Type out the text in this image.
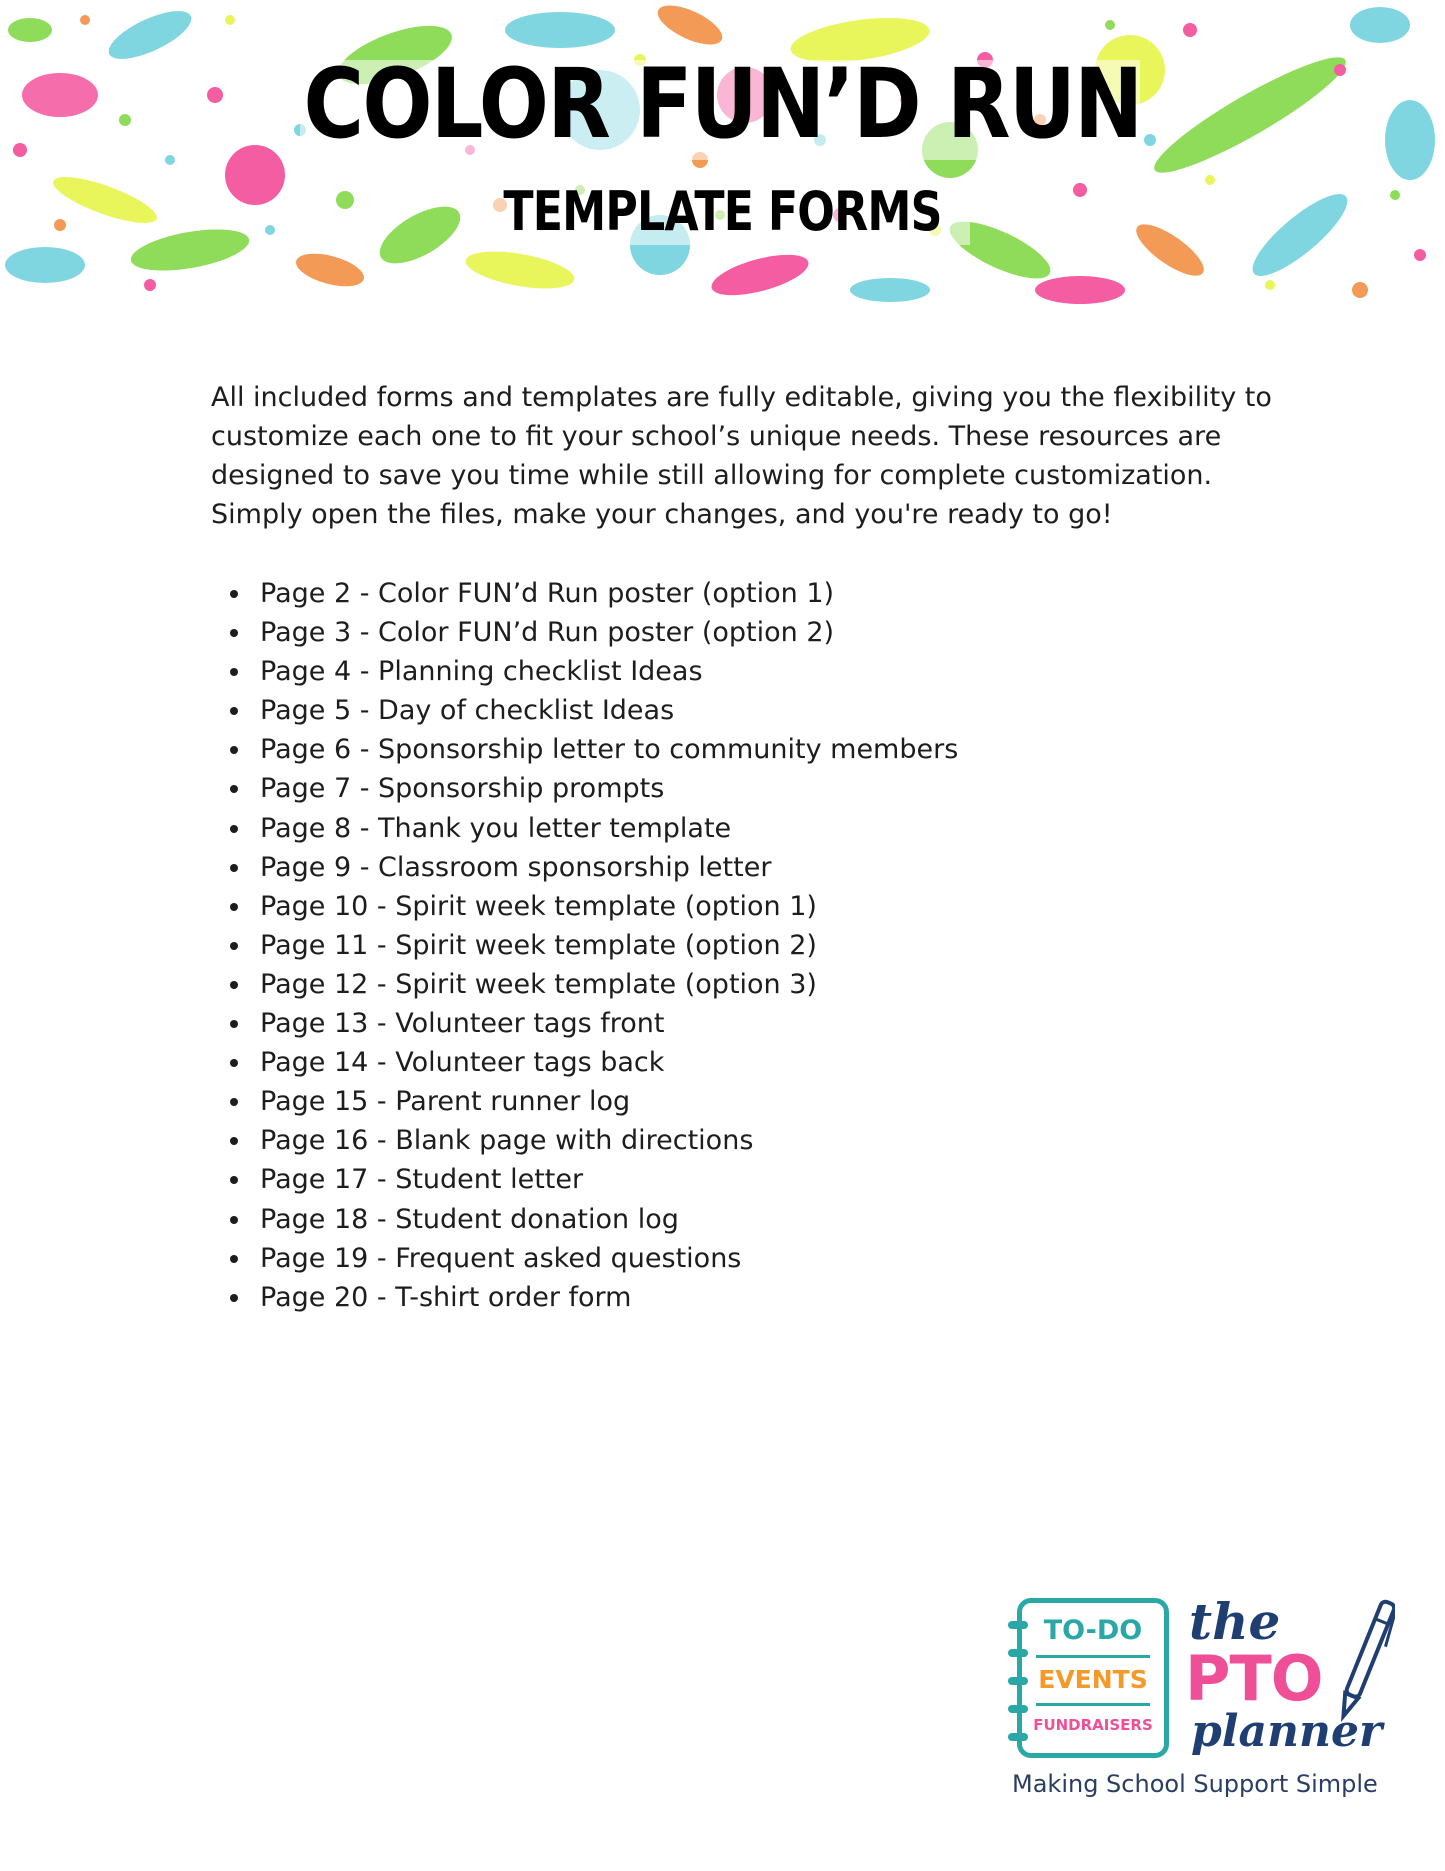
COLOR FUN’D RUN
TEMPLATE FORMS

All included forms and templates are fully editable, giving you the flexibility to customize each one to fit your school’s unique needs. These resources are designed to save you time while still allowing for complete customization. Simply open the files, make your changes, and you're ready to go!

Page 2 - Color FUN’d Run poster (option 1)
Page 3 - Color FUN’d Run poster (option 2)
Page 4 - Planning checklist Ideas
Page 5 - Day of checklist Ideas
Page 6 - Sponsorship letter to community members
Page 7 - Sponsorship prompts
Page 8 - Thank you letter template
Page 9 - Classroom sponsorship letter
Page 10 - Spirit week template (option 1)
Page 11 - Spirit week template (option 2)
Page 12 - Spirit week template (option 3)
Page 13 - Volunteer tags front
Page 14 - Volunteer tags back
Page 15 - Parent runner log
Page 16 - Blank page with directions
Page 17 - Student letter
Page 18 - Student donation log
Page 19 - Frequent asked questions
Page 20 - T-shirt order form

TO-DO

EVENTS

FUNDRAISERS

the

PTO

planner

Making School Support Simple
